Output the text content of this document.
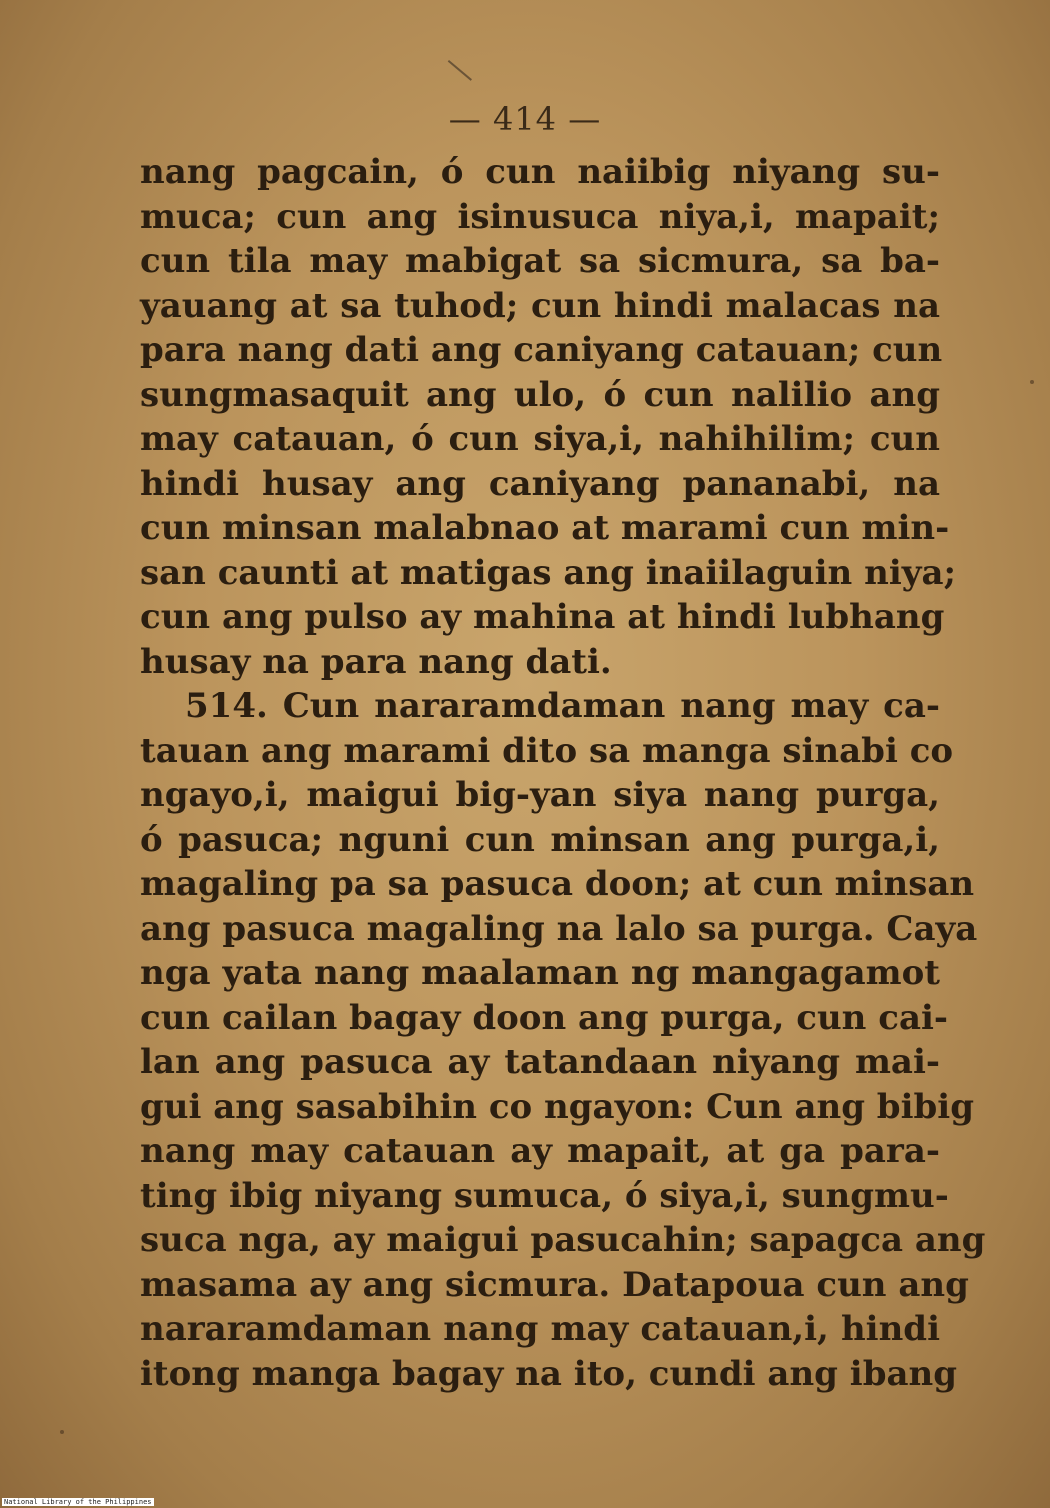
— 414 —
nang pagcain, ó cun naiibig niyang su-
muca; cun ang isinusuca niya,i, mapait;
cun tila may mabigat sa sicmura, sa ba-
yauang at sa tuhod; cun hindi malacas na
para nang dati ang caniyang catauan; cun
sungmasaquit ang ulo, ó cun nalilio ang
may catauan, ó cun siya,i, nahihilim; cun
hindi husay ang caniyang pananabi, na
cun minsan malabnao at marami cun min-
san caunti at matigas ang inaiilaguin niya;
cun ang pulso ay mahina at hindi lubhang
husay na para nang dati.
514. Cun nararamdaman nang may ca-
tauan ang marami dito sa manga sinabi co
ngayo,i, maigui big-yan siya nang purga,
ó pasuca; nguni cun minsan ang purga,i,
magaling pa sa pasuca doon; at cun minsan
ang pasuca magaling na lalo sa purga. Caya
nga yata nang maalaman ng mangagamot
cun cailan bagay doon ang purga, cun cai-
lan ang pasuca ay tatandaan niyang mai-
gui ang sasabihin co ngayon: Cun ang bibig
nang may catauan ay mapait, at ga para-
ting ibig niyang sumuca, ó siya,i, sungmu-
suca nga, ay maigui pasucahin; sapagca ang
masama ay ang sicmura. Datapoua cun ang
nararamdaman nang may catauan,i, hindi
itong manga bagay na ito, cundi ang ibang
National Library of the Philippines
